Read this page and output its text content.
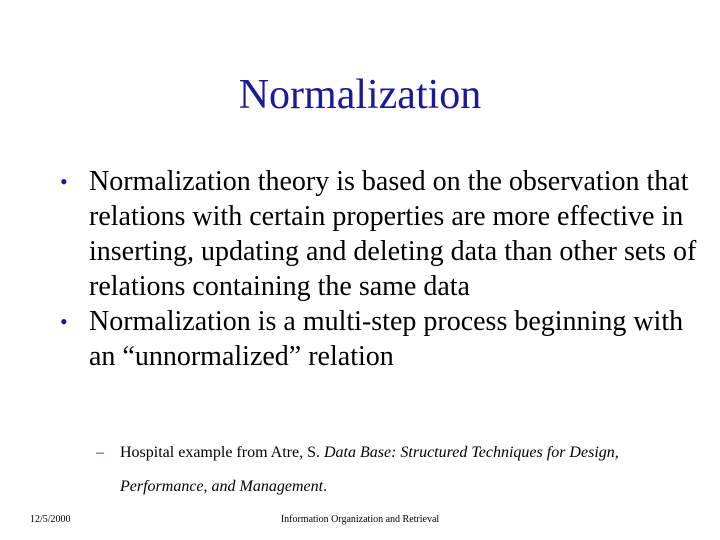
Normalization
• Normalization theory is based on the observation that relations with certain properties are more effective in inserting, updating and deleting data than other sets of relations containing the same data
• Normalization is a multi-step process beginning with an “unnormalized” relation
– Hospital example from Atre, S. Data Base: Structured Techniques for Design, Performance, and Management.
12/5/2000	Information Organization and Retrieval
